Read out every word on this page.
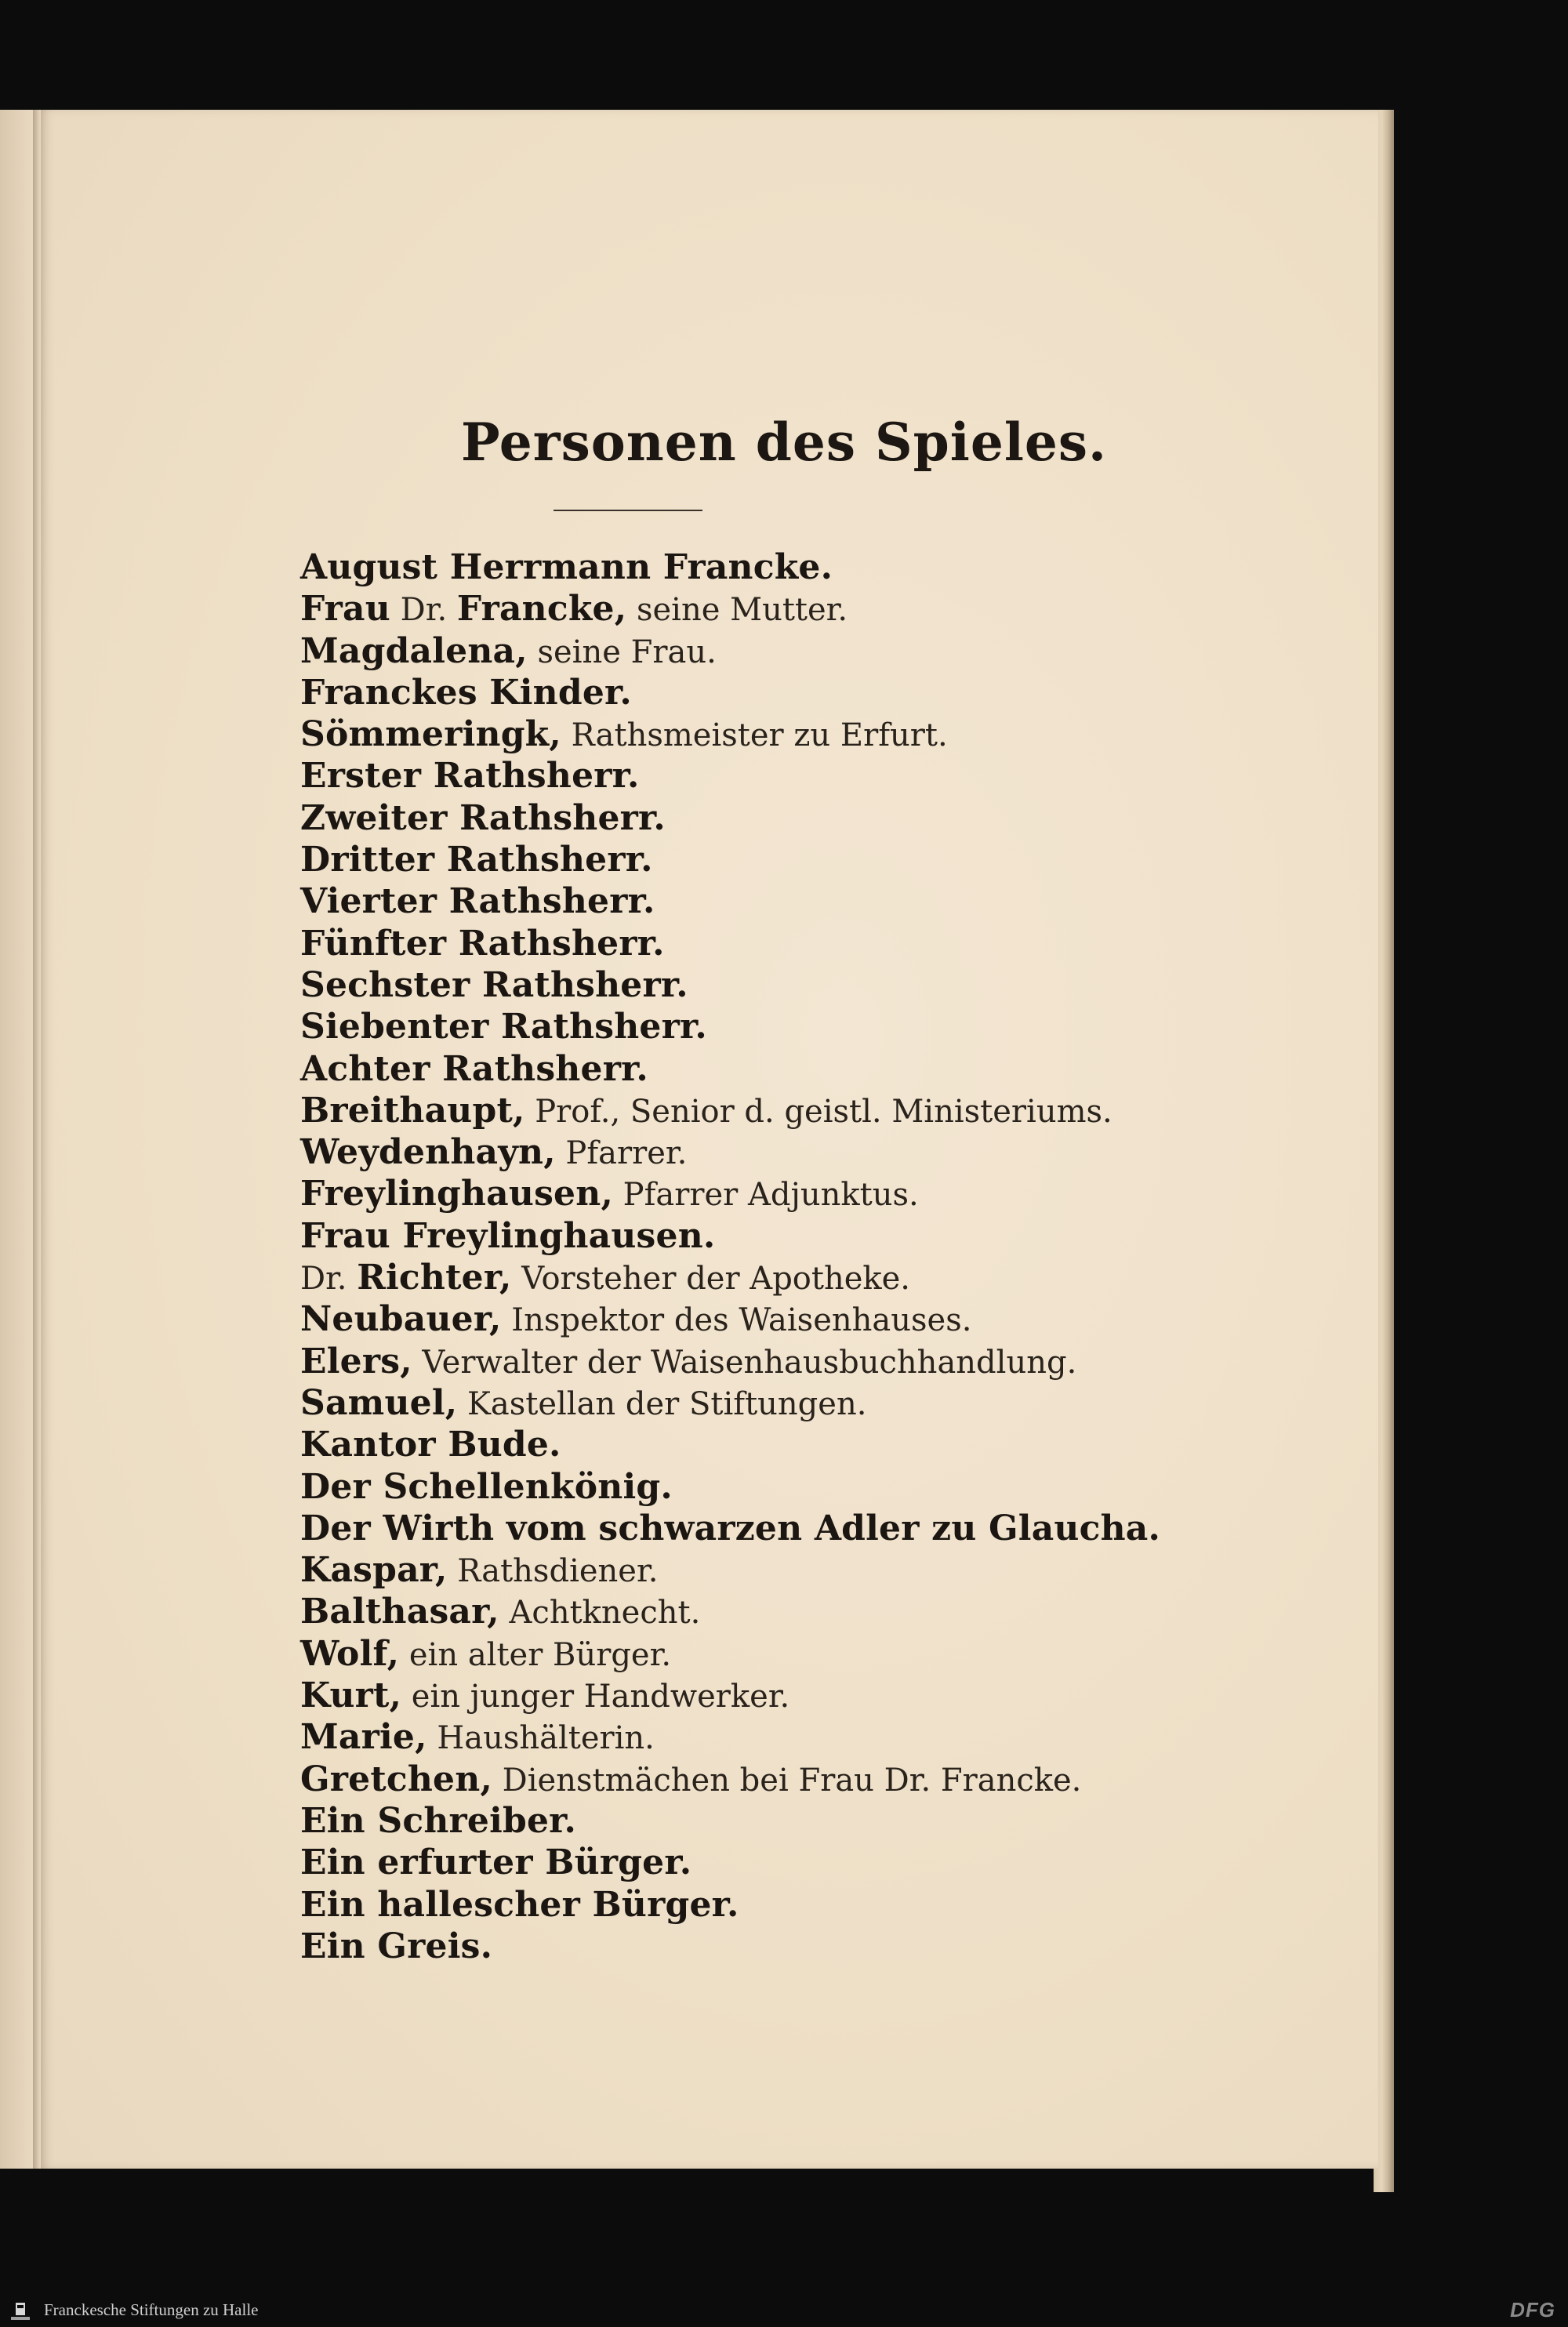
Personen des Spieles.
August Herrmann Francke.
Frau Dr. Francke, seine Mutter.
Magdalena, seine Frau.
Franckes Kinder.
Sömmeringk, Rathsmeister zu Erfurt.
Erster Rathsherr.
Zweiter Rathsherr.
Dritter Rathsherr.
Vierter Rathsherr.
Fünfter Rathsherr.
Sechster Rathsherr.
Siebenter Rathsherr.
Achter Rathsherr.
Breithaupt, Prof., Senior d. geistl. Ministeriums.
Weydenhayn, Pfarrer.
Freylinghausen, Pfarrer Adjunktus.
Frau Freylinghausen.
Dr. Richter, Vorsteher der Apotheke.
Neubauer, Inspektor des Waisenhauses.
Elers, Verwalter der Waisenhausbuchhandlung.
Samuel, Kastellan der Stiftungen.
Kantor Bude.
Der Schellenkönig.
Der Wirth vom schwarzen Adler zu Glaucha.
Kaspar, Rathsdiener.
Balthasar, Achtknecht.
Wolf, ein alter Bürger.
Kurt, ein junger Handwerker.
Marie, Haushälterin.
Gretchen, Dienstmächen bei Frau Dr. Francke.
Ein Schreiber.
Ein erfurter Bürger.
Ein hallescher Bürger.
Ein Greis.
Franckesche Stiftungen zu Halle	DFG
